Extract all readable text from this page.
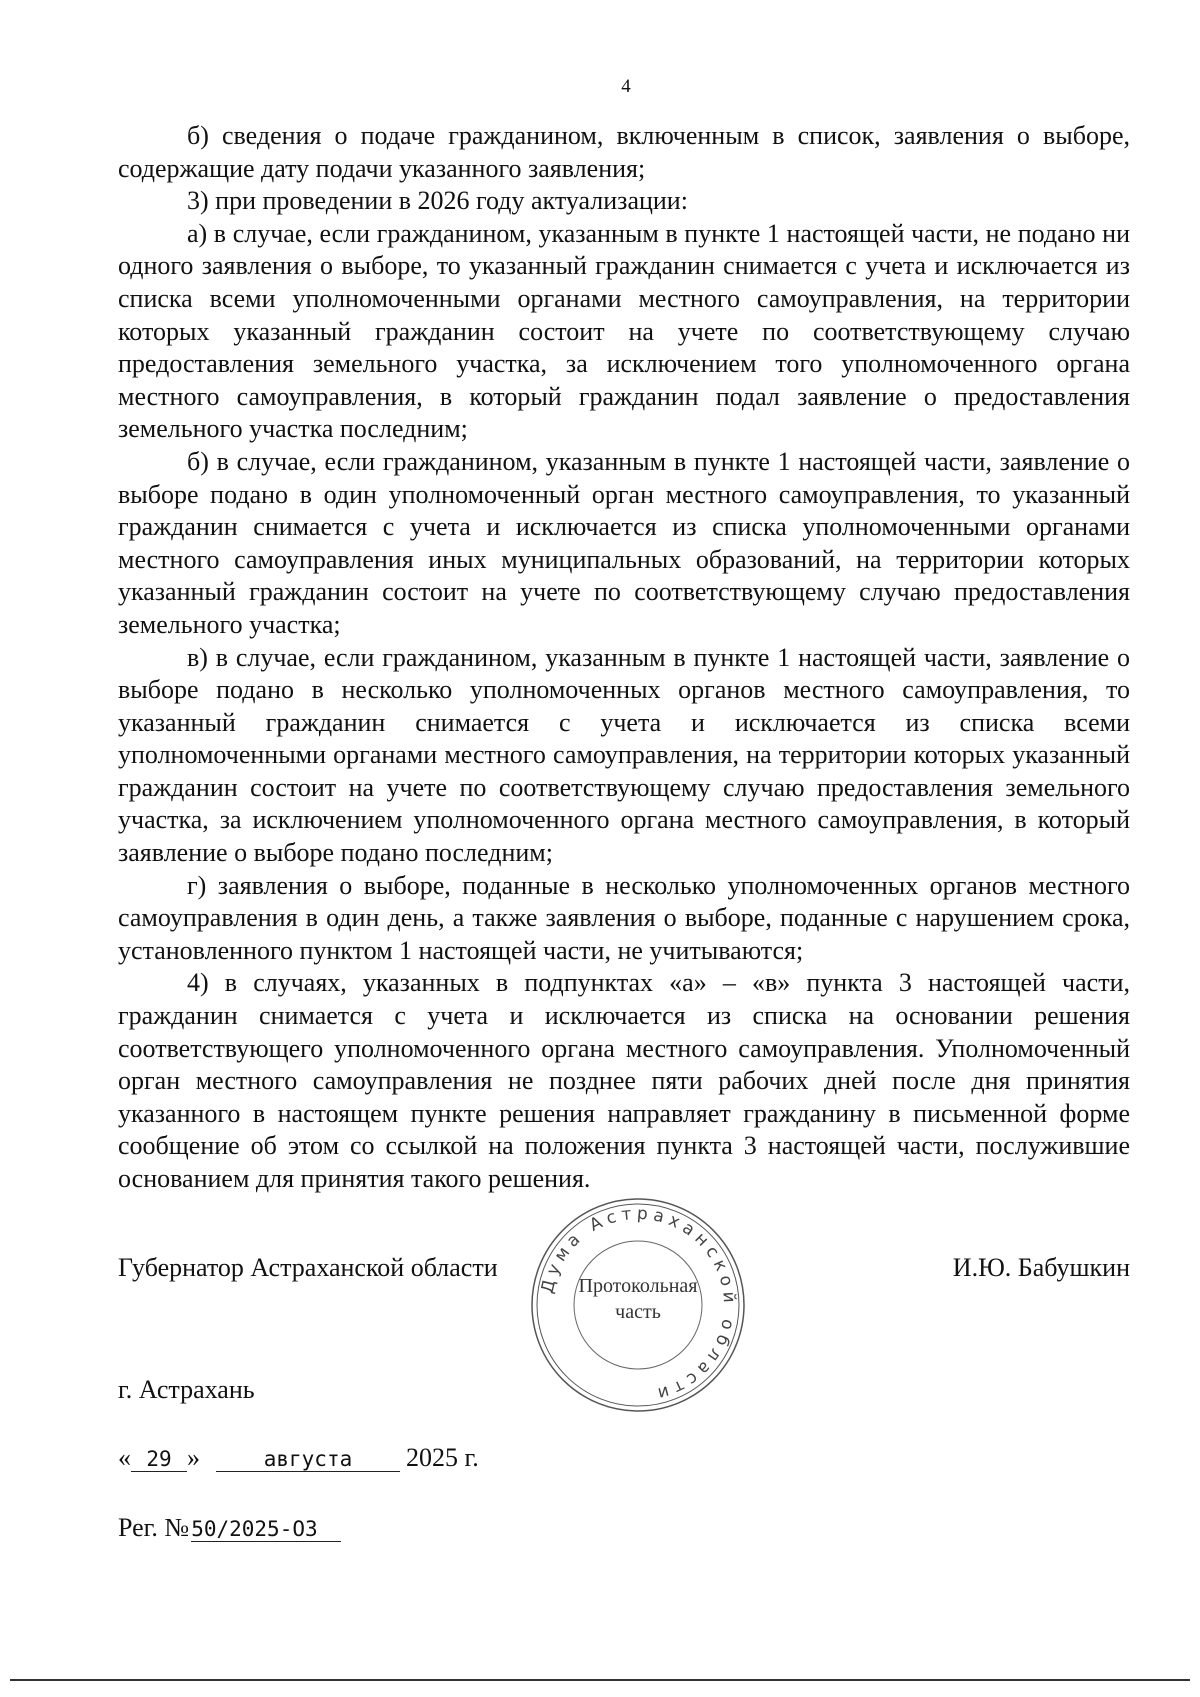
4

б) сведения о подаче гражданином, включенным в список, заявления о выборе, содержащие дату подачи указанного заявления;

3) при проведении в 2026 году актуализации:

а) в случае, если гражданином, указанным в пункте 1 настоящей части, не подано ни одного заявления о выборе, то указанный гражданин снимается с учета и исключается из списка всеми уполномоченными органами местного самоуправления, на территории которых указанный гражданин состоит на учете по соответствующему случаю предоставления земельного участка, за исключением того уполномоченного органа местного самоуправления, в который гражданин подал заявление о предоставления земельного участка последним;

б) в случае, если гражданином, указанным в пункте 1 настоящей части, заявление о выборе подано в один уполномоченный орган местного самоуправления, то указанный гражданин снимается с учета и исключается из списка уполномоченными органами местного самоуправления иных муниципальных образований, на территории которых указанный гражданин состоит на учете по соответствующему случаю предоставления земельного участка;

в) в случае, если гражданином, указанным в пункте 1 настоящей части, заявление о выборе подано в несколько уполномоченных органов местного самоуправления, то указанный гражданин снимается с учета и исключается из списка всеми уполномоченными органами местного самоуправления, на территории которых указанный гражданин состоит на учете по соответствующему случаю предоставления земельного участка, за исключением уполномоченного органа местного самоуправления, в который заявление о выборе подано последним;

г) заявления о выборе, поданные в несколько уполномоченных органов местного самоуправления в один день, а также заявления о выборе, поданные с нарушением срока, установленного пунктом 1 настоящей части, не учитываются;

4) в случаях, указанных в подпунктах «а» – «в» пункта 3 настоящей части, гражданин снимается с учета и исключается из списка на основании решения соответствующего уполномоченного органа местного самоуправления. Уполномоченный орган местного самоуправления не позднее пяти рабочих дней после дня принятия указанного в настоящем пункте решения направляет гражданину в письменной форме сообщение об этом со ссылкой на положения пункта 3 настоящей части, послужившие основанием для принятия такого решения.

Губернатор Астраханской области	И.Ю. Бабушкин
Дума Астраханской области
Протокольная
часть
г. Астрахань
« 29 »	августа 2025 г.
Рег. №50/2025-ОЗ
